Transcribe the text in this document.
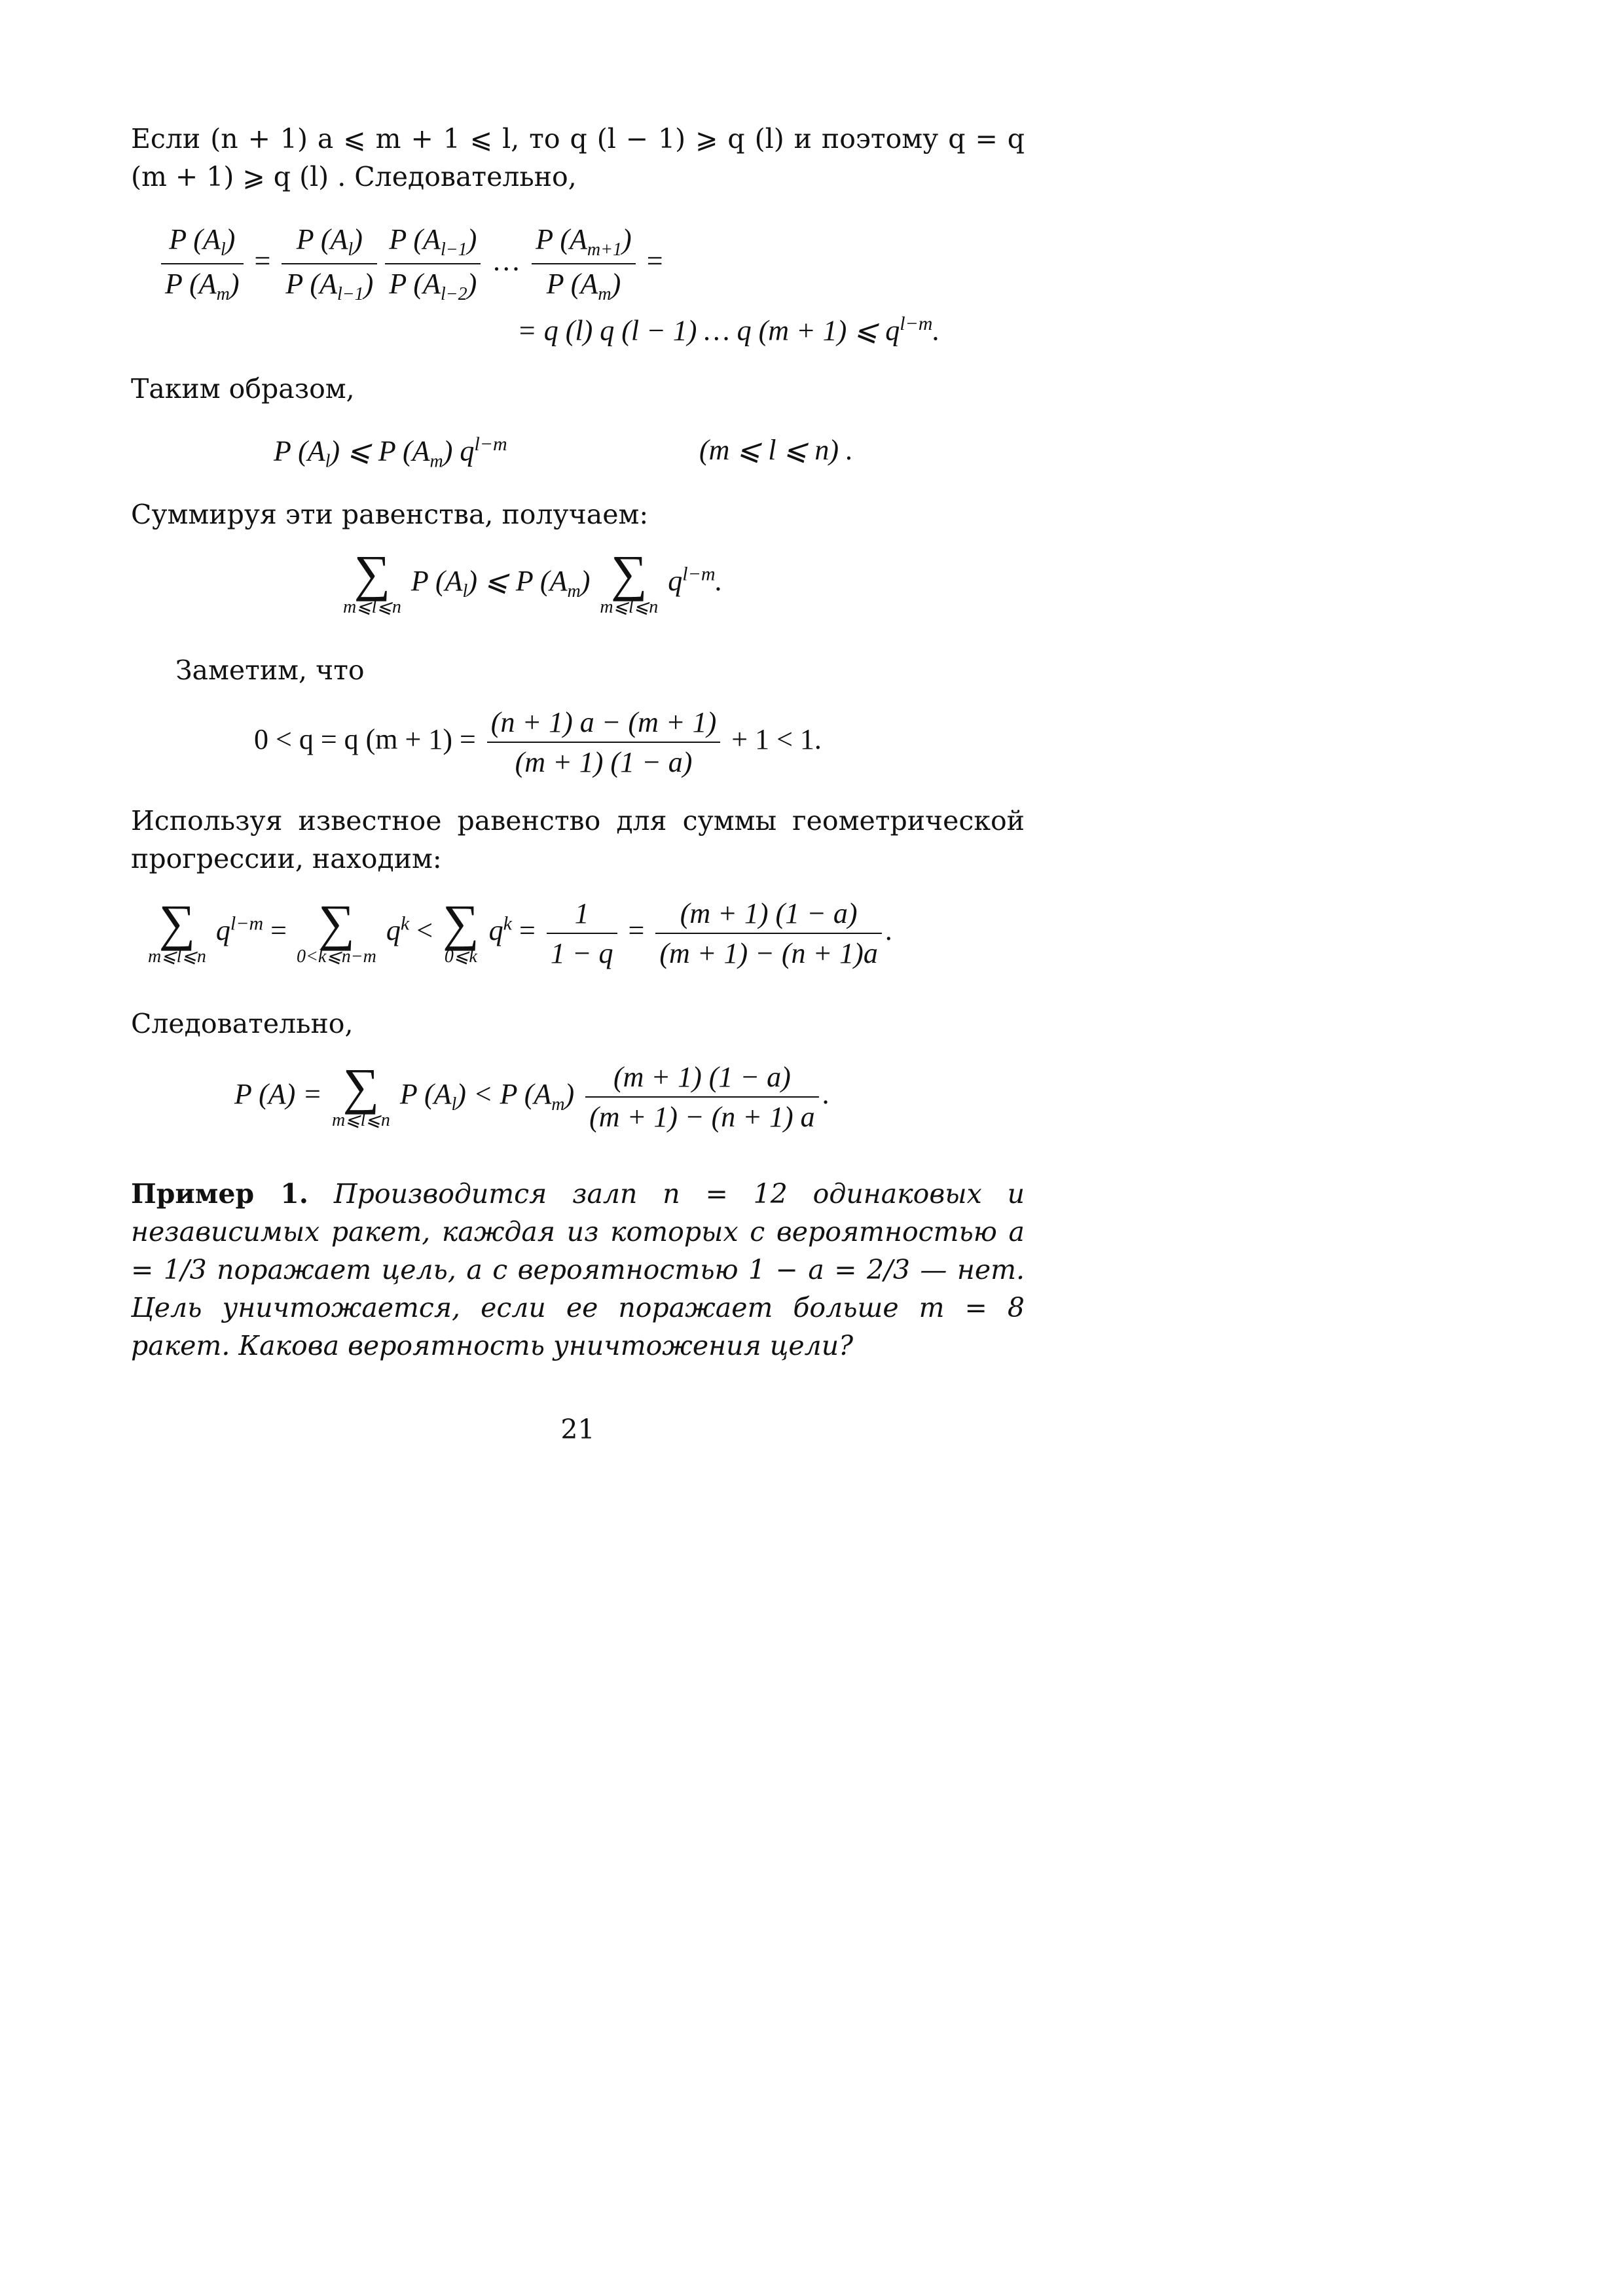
Если (n + 1) a ⩽ m + 1 ⩽ l, то q (l − 1) ⩾ q (l) и поэтому q = q (m + 1) ⩾ q (l) . Следовательно,
$\frac{P (A_l)}{P (A_m)} = \frac{P (A_l)}{P (A_{l-1})} \frac{P (A_{l-1})}{P (A_{l-2})}$ … $\frac{P (A_{m+1})}{P (A_m)}$ =
= q (l) q (l − 1) … q (m + 1) ⩽ $q^{l-m}$.
Таким образом,
P $(A_l)$ ⩽ P $(A_m)$ $q^{l-m}$	(m ⩽ l ⩽ n) .
Суммируя эти равенства, получаем:
∑
m⩽l⩽n
P $(A_l)$ ⩽ P $(A_m)$ ∑
m⩽l⩽n
$q^{l-m}$.
Заметим, что
0 < q = q $(m + 1) = \frac{(n + 1) a - (m + 1)}{(m + 1) (1 - a)} + 1 < 1$.
Используя известное равенство для суммы геометрической прогрессии, находим:
∑
m⩽l⩽n
$q^{l-m}$ = ∑
0<k⩽n−m
$q^k$ < ∑
0⩽k
$q^k = \frac{1}{1 - q} = \frac{(m + 1) (1 - a)}{(m + 1) - (n + 1)a}$ .
Следовательно,
P (A) = ∑
m⩽l⩽n
P $(A_l) < P$ $(A_m) \frac{(m + 1) (1 - a)}{(m + 1) - (n + 1) a}$ .
Пример 1. Производится залп n = 12 одинаковых и независимых ракет, каждая из которых с вероятностью a = 1/3 поражает цель, а с вероятностью 1 − a = 2/3 — нет. Цель уничтожается, если ее поражает больше m = 8 ракет. Какова вероятность уничтожения цели?
21
